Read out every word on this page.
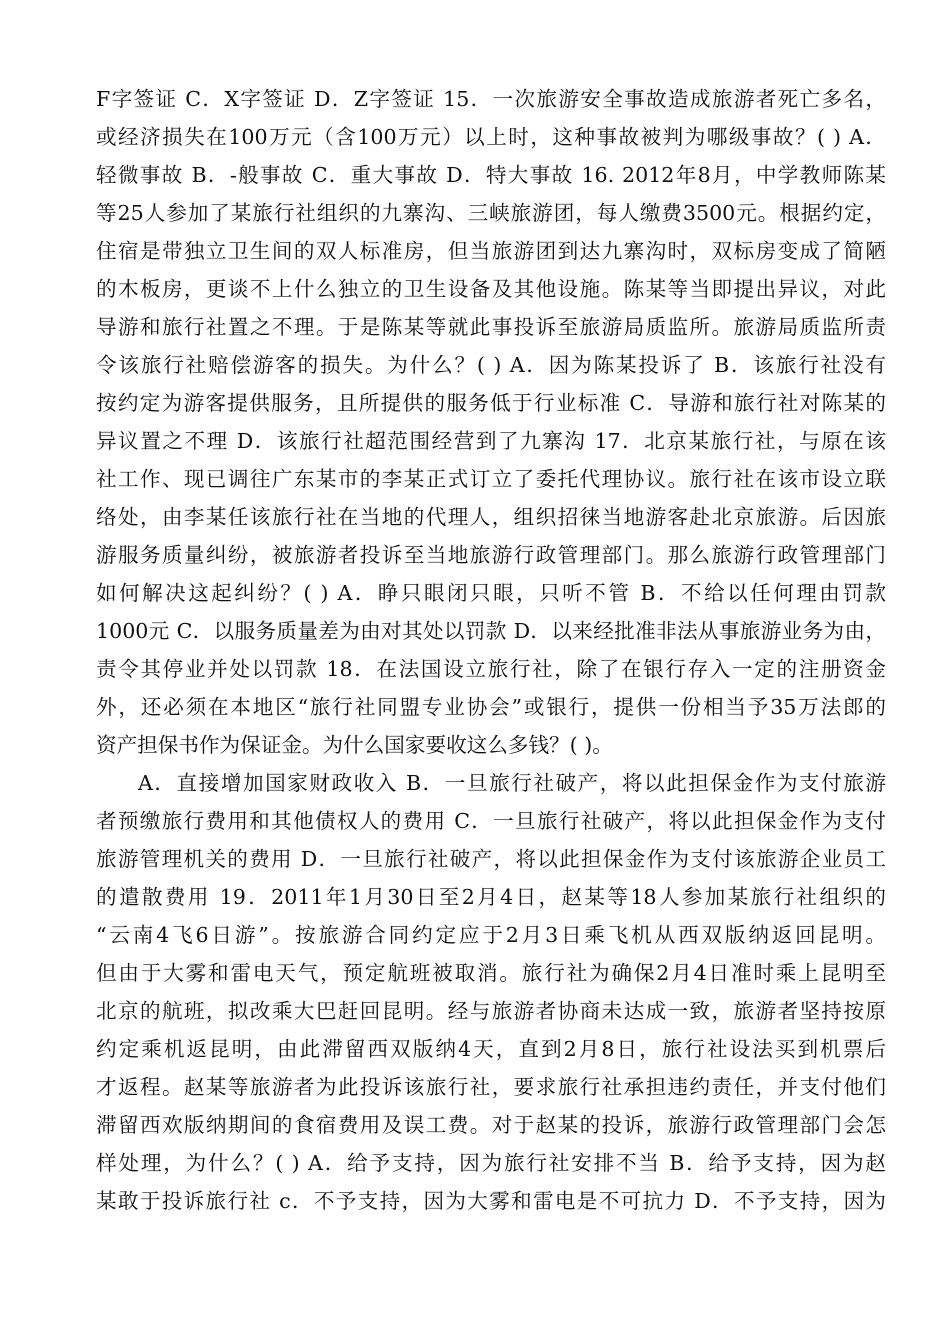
F字签证 C．X字签证 D．Z字签证 15．一次旅游安全事故造成旅游者死亡多名，
或经济损失在100万元（含100万元）以上时，这种事故被判为哪级事故？( ) A．
轻微事故 B．-般事故 C．重大事故 D．特大事故 16. 2012年8月，中学教师陈某
等25人参加了某旅行社组织的九寨沟、三峡旅游团，每人缴费3500元。根据约定，
住宿是带独立卫生间的双人标准房，但当旅游团到达九寨沟时，双标房变成了简陋
的木板房，更谈不上什么独立的卫生设备及其他设施。陈某等当即提出异议，对此
导游和旅行社置之不理。于是陈某等就此事投诉至旅游局质监所。旅游局质监所责
令该旅行社赔偿游客的损失。为什么？( ) A．因为陈某投诉了 B．该旅行社没有
按约定为游客提供服务，且所提供的服务低于行业标准 C．导游和旅行社对陈某的
异议置之不理 D．该旅行社超范围经营到了九寨沟 17．北京某旅行社，与原在该
社工作、现已调往广东某市的李某正式订立了委托代理协议。旅行社在该市设立联
络处，由李某任该旅行社在当地的代理人，组织招徕当地游客赴北京旅游。后因旅
游服务质量纠纷，被旅游者投诉至当地旅游行政管理部门。那么旅游行政管理部门
如何解决这起纠纷？( ) A．睁只眼闭只眼，只听不管 B．不给以任何理由罚款
1000元 C．以服务质量差为由对其处以罚款 D．以来经批准非法从事旅游业务为由，
责令其停业并处以罚款 18．在法国设立旅行社，除了在银行存入一定的注册资金
外，还必须在本地区“旅行社同盟专业协会”或银行，提供一份相当予35万法郎的
资产担保书作为保证金。为什么国家要收这么多钱？( )。
A．直接增加国家财政收入 B．一旦旅行社破产，将以此担保金作为支付旅游
者预缴旅行费用和其他债权人的费用 C．一旦旅行社破产，将以此担保金作为支付
旅游管理机关的费用 D．一旦旅行社破产，将以此担保金作为支付该旅游企业员工
的遣散费用 19．2011年1月30日至2月4日，赵某等18人参加某旅行社组织的
“云南4飞6日游”。按旅游合同约定应于2月3日乘飞机从西双版纳返回昆明。
但由于大雾和雷电天气，预定航班被取消。旅行社为确保2月4日准时乘上昆明至
北京的航班，拟改乘大巴赶回昆明。经与旅游者协商未达成一致，旅游者坚持按原
约定乘机返昆明，由此滞留西双版纳4天，直到2月8日，旅行社设法买到机票后
才返程。赵某等旅游者为此投诉该旅行社，要求旅行社承担违约责任，并支付他们
滞留西欢版纳期间的食宿费用及误工费。对于赵某的投诉，旅游行政管理部门会怎
样处理，为什么？( ) A．给予支持，因为旅行社安排不当 B．给予支持，因为赵
某敢于投诉旅行社 c．不予支持，因为大雾和雷电是不可抗力 D．不予支持，因为
